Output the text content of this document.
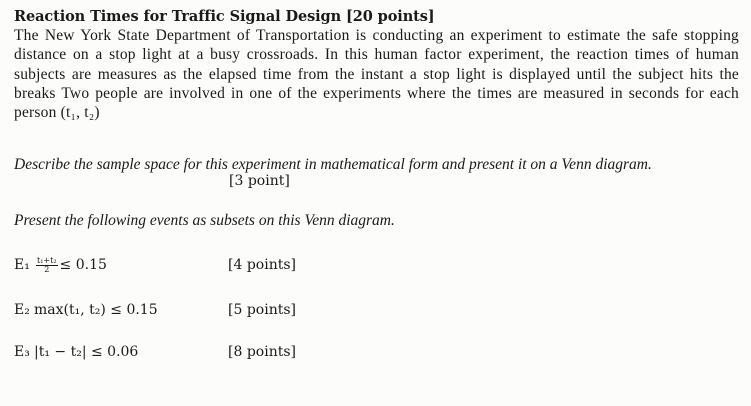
Reaction Times for Traffic Signal Design [20 points]

The New York State Department of Transportation is conducting an experiment to estimate the safe stopping distance on a stop light at a busy crossroads. In this human factor experiment, the reaction times of human subjects are measures as the elapsed time from the instant a stop light is displayed until the subject hits the breaks Two people are involved in one of the experiments where the times are measured in seconds for each person (t₁, t₂)

Describe the sample space for this experiment in mathematical form and present it on a Venn diagram.
[3 point]
Present the following events as subsets on this Venn diagram.
$E_1 \frac{\text{t₁+t₂}}{2} \le 0.15$	[4 points]
E₂ max(t₁, t₂) ≤ 0.15	[5 points]
E₃ |t₁ − t₂| ≤ 0.06	[8 points]
